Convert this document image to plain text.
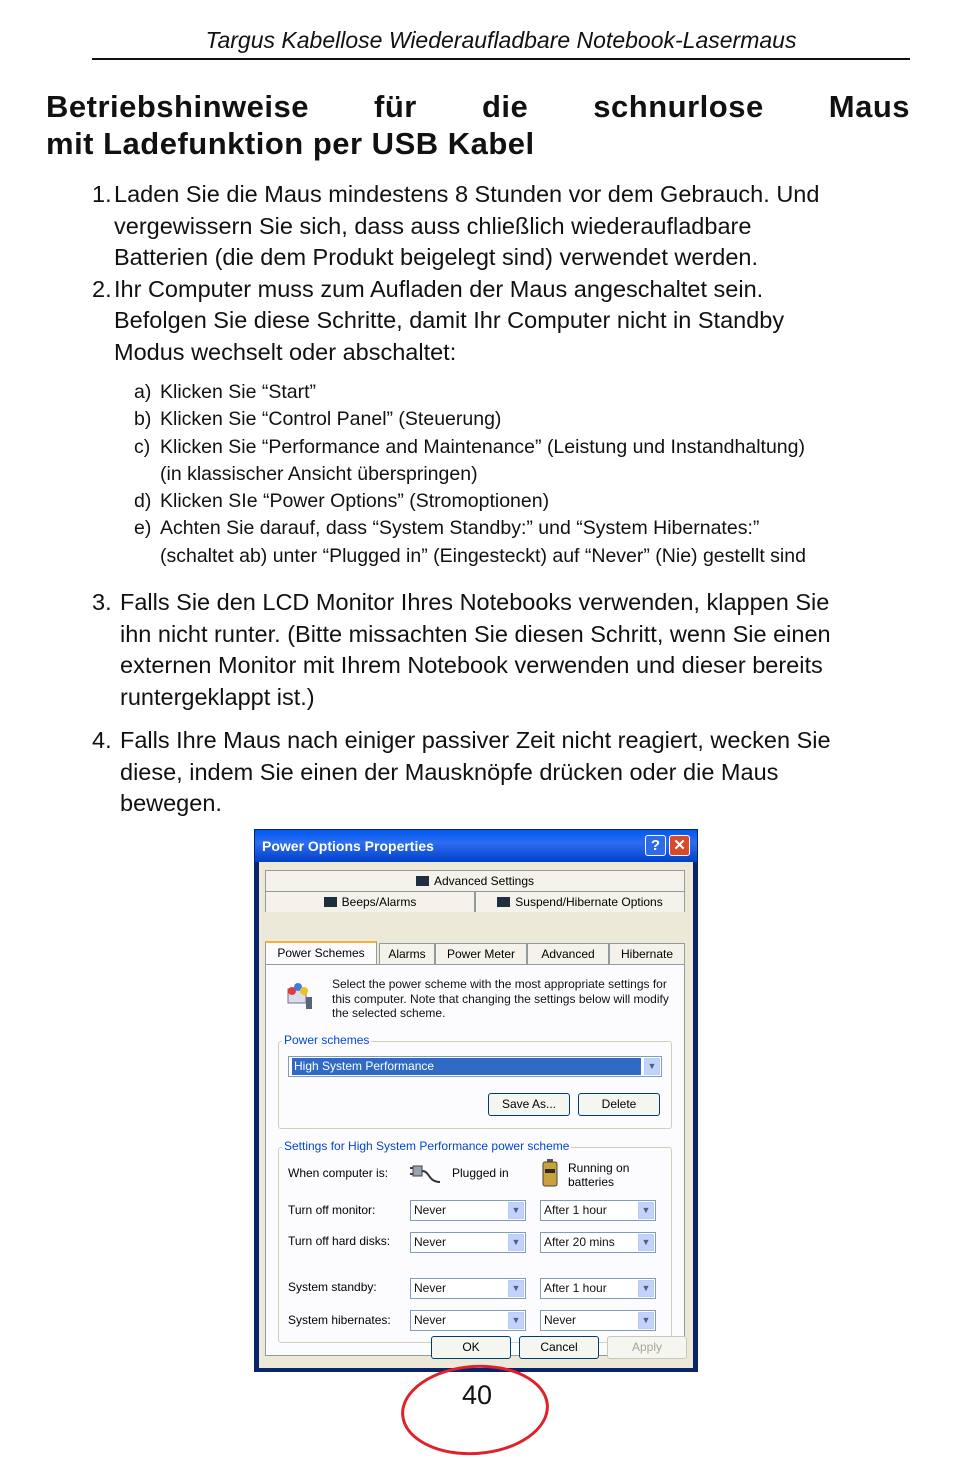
Targus Kabellose Wiederaufladbare Notebook-Lasermaus
Betriebshinweise für die schnurlose Maus
mit Ladefunktion per USB Kabel
1. Laden Sie die Maus mindestens 8 Stunden vor dem Gebrauch. Und
vergewissern Sie sich, dass auss chließlich wiederaufladbare
Batterien (die dem Produkt beigelegt sind) verwendet werden.
2. Ihr Computer muss zum Aufladen der Maus angeschaltet sein.
Befolgen Sie diese Schritte, damit Ihr Computer nicht in Standby
Modus wechselt oder abschaltet:
a) Klicken Sie “Start”
b) Klicken Sie “Control Panel” (Steuerung)
c) Klicken Sie “Performance and Maintenance” (Leistung und Instandhaltung)
(in klassischer Ansicht überspringen)
d) Klicken SIe “Power Options” (Stromoptionen)
e) Achten Sie darauf, dass “System Standby:” und “System Hibernates:”
(schaltet ab) unter “Plugged in” (Eingesteckt) auf “Never” (Nie) gestellt sind
3. Falls Sie den LCD Monitor Ihres Notebooks verwenden, klappen Sie
ihn nicht runter. (Bitte missachten Sie diesen Schritt, wenn Sie einen
externen Monitor mit Ihrem Notebook verwenden und dieser bereits
runtergeklappt ist.)
4. Falls Ihre Maus nach einiger passiver Zeit nicht reagiert, wecken Sie
diese, indem Sie einen der Mausknöpfe drücken oder die Maus
bewegen.
Power Options Properties	? ✕
Advanced Settings
Beeps/Alarms	Suspend/Hibernate Options
Power Schemes	Alarms	Power Meter	Advanced	Hibernate
Select the power scheme with the most appropriate settings for this computer. Note that changing the settings below will modify the selected scheme.
Power schemes
High System Performance	▼
Save As...	Delete
Settings for High System Performance power scheme
When computer is:	Plugged in	Running on
batteries
Turn off monitor:	Never	▼	After 1 hour	▼
Turn off hard disks:	Never	▼	After 20 mins	▼
System standby:	Never	▼	After 1 hour	▼
System hibernates:	Never	▼	Never	▼
OK	Cancel	Apply
40
